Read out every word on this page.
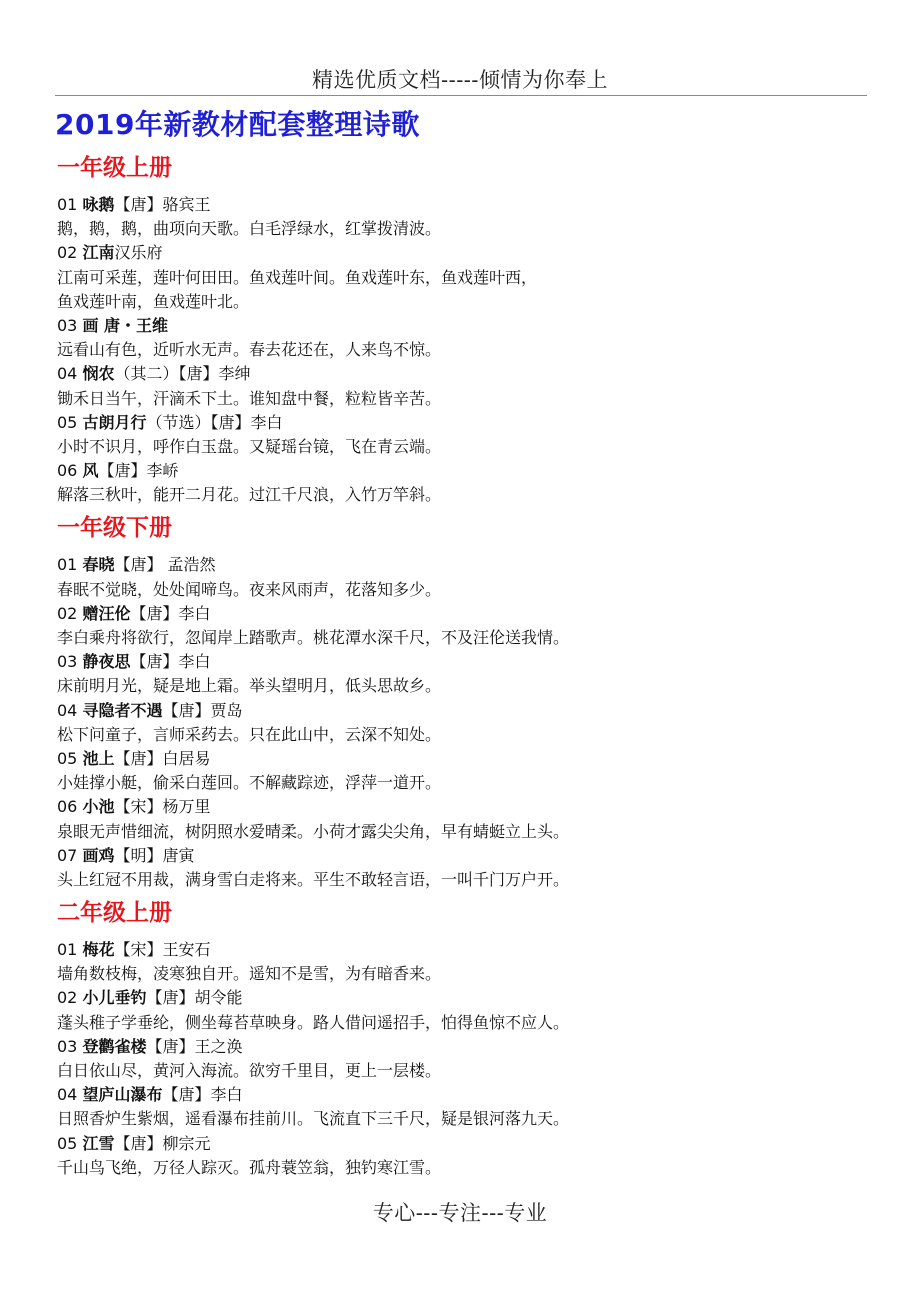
精选优质文档-----倾情为你奉上
2019年新教材配套整理诗歌
一年级上册
01 咏鹅【唐】骆宾王
鹅，鹅，鹅，曲项向天歌。白毛浮绿水，红掌拨清波。
02 江南汉乐府
江南可采莲，莲叶何田田。鱼戏莲叶间。鱼戏莲叶东，鱼戏莲叶西，
鱼戏莲叶南，鱼戏莲叶北。
03 画 唐・王维
远看山有色，近听水无声。春去花还在，人来鸟不惊。
04 悯农（其二）【唐】李绅
锄禾日当午，汗滴禾下土。谁知盘中餐，粒粒皆辛苦。
05 古朗月行（节选）【唐】李白
小时不识月，呼作白玉盘。又疑瑶台镜，飞在青云端。
06 风【唐】李峤
解落三秋叶，能开二月花。过江千尺浪，入竹万竿斜。
一年级下册
01 春晓【唐】 孟浩然
春眠不觉晓，处处闻啼鸟。夜来风雨声，花落知多少。
02 赠汪伦【唐】李白
李白乘舟将欲行，忽闻岸上踏歌声。桃花潭水深千尺，不及汪伦送我情。
03 静夜思【唐】李白
床前明月光，疑是地上霜。举头望明月，低头思故乡。
04 寻隐者不遇【唐】贾岛
松下问童子，言师采药去。只在此山中，云深不知处。
05 池上【唐】白居易
小娃撑小艇，偷采白莲回。不解藏踪迹，浮萍一道开。
06 小池【宋】杨万里
泉眼无声惜细流，树阴照水爱晴柔。小荷才露尖尖角，早有蜻蜓立上头。
07 画鸡【明】唐寅
头上红冠不用裁，满身雪白走将来。平生不敢轻言语，一叫千门万户开。
二年级上册
01 梅花【宋】王安石
墙角数枝梅，凌寒独自开。遥知不是雪，为有暗香来。
02 小儿垂钓【唐】胡令能
蓬头稚子学垂纶，侧坐莓苔草映身。路人借问遥招手，怕得鱼惊不应人。
03 登鹳雀楼【唐】王之涣
白日依山尽，黄河入海流。欲穷千里目，更上一层楼。
04 望庐山瀑布【唐】李白
日照香炉生紫烟，遥看瀑布挂前川。飞流直下三千尺，疑是银河落九天。
05 江雪【唐】柳宗元
千山鸟飞绝，万径人踪灭。孤舟蓑笠翁，独钓寒江雪。
专心---专注---专业
